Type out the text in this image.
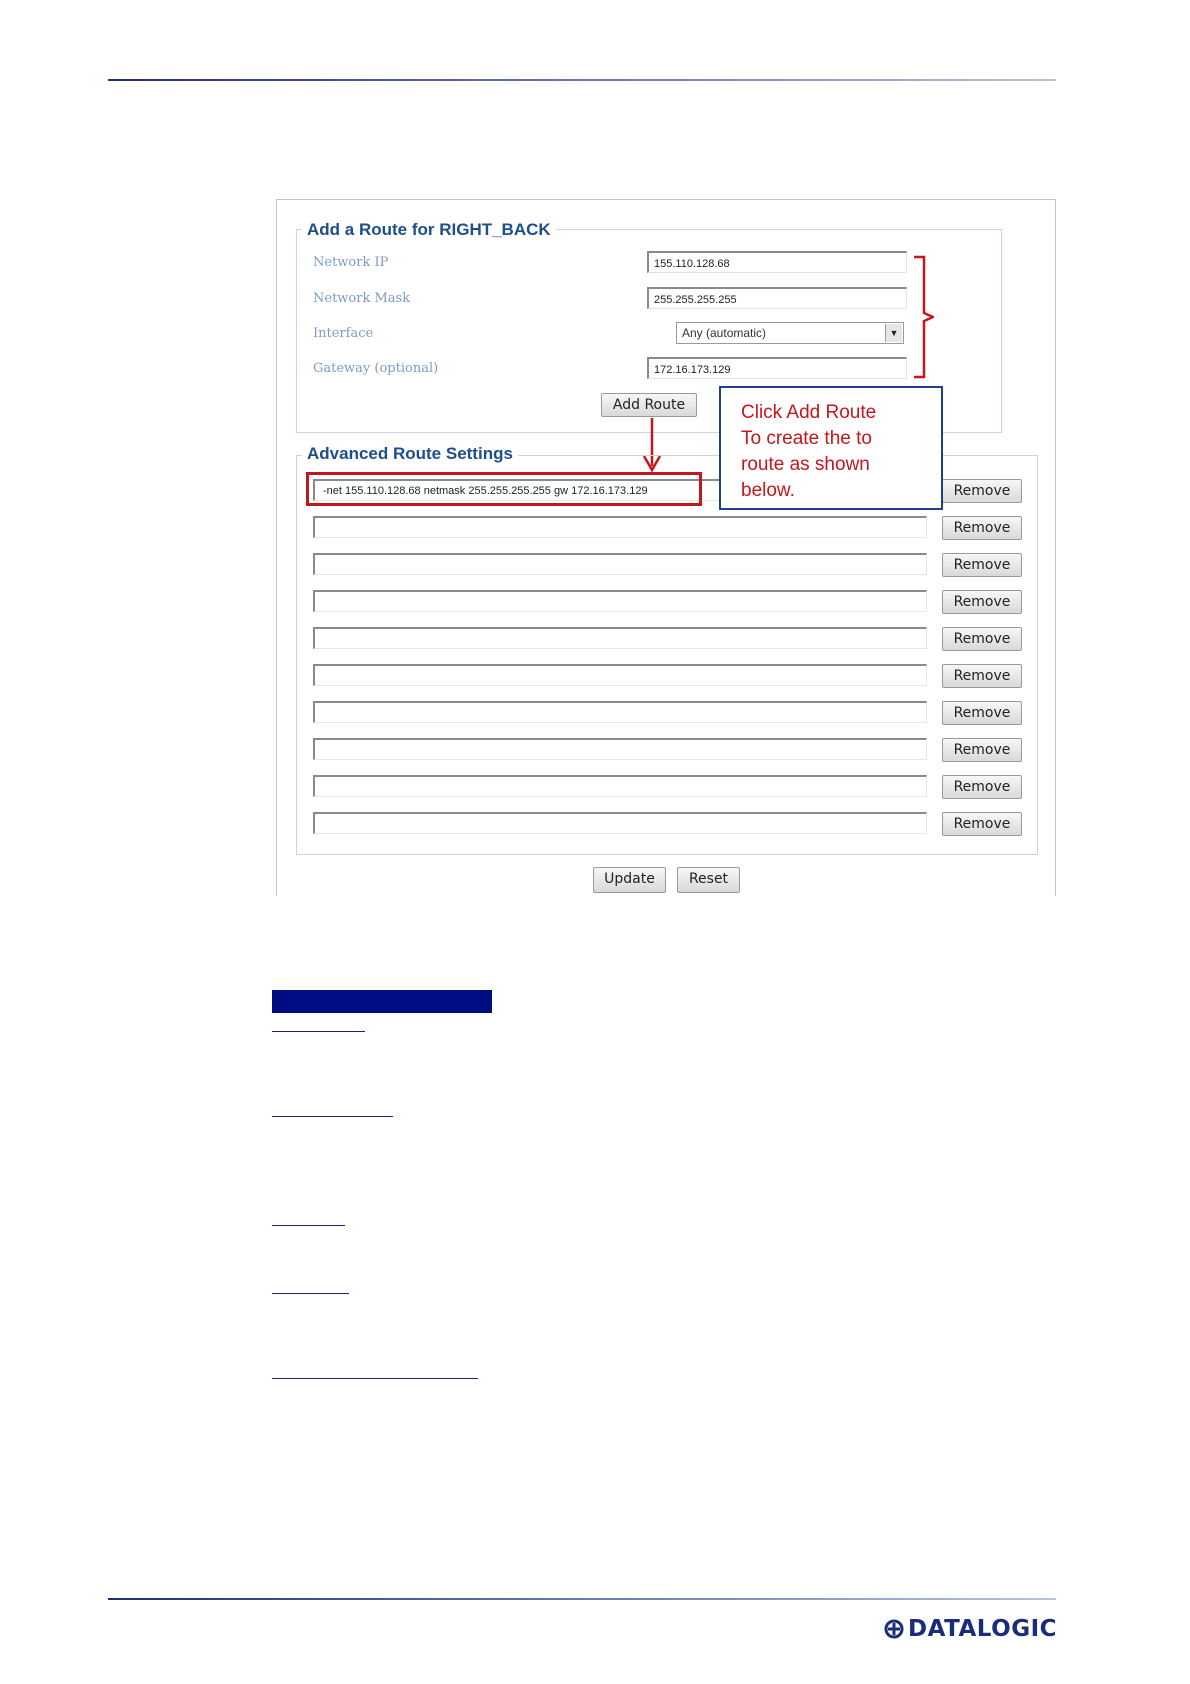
Add a Route for RIGHT_BACK
Network IP	155.110.128.68
Network Mask	255.255.255.255
Interface	Any (automatic)	▼
Gateway (optional)	172.16.173.129
Add Route
Advanced Route Settings
-net 155.110.128.68 netmask 255.255.255.255 gw 172.16.173.129	Remove
Remove
Remove
Remove
Remove
Remove
Remove
Remove
Remove
Remove
Click Add Route
To create the to
route as shown
below.
Update	Reset
DATALOGIC
